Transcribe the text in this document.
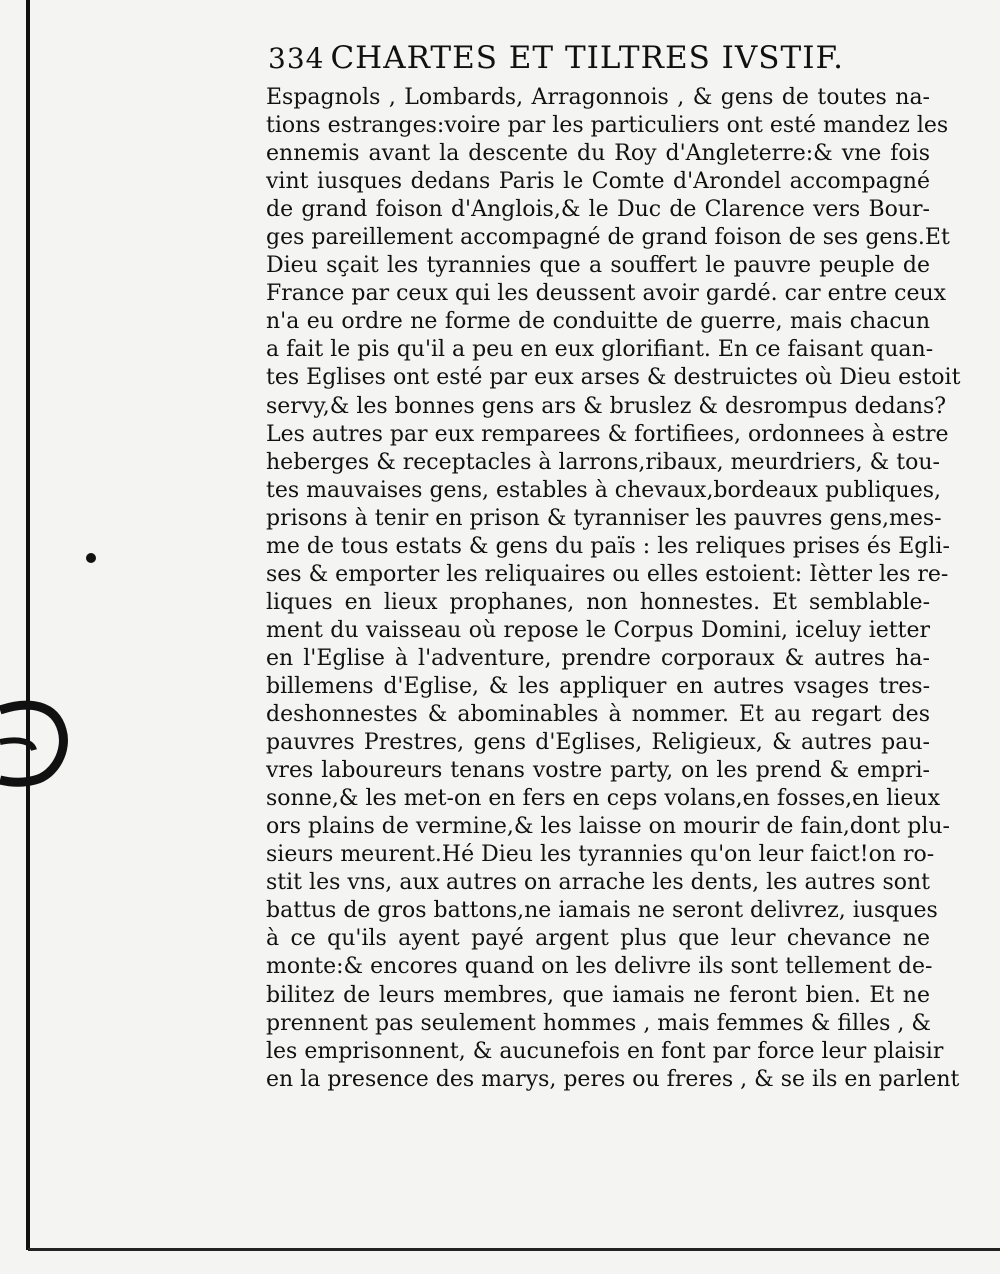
334 CHARTES ET TILTRES IVSTIF.
Espagnols , Lombards, Arragonnois , & gens de toutes na-
tions estranges:voire par les particuliers ont esté mandez les
ennemis avant la descente du Roy d'Angleterre:& vne fois
vint iusques dedans Paris le Comte d'Arondel accompagné
de grand foison d'Anglois,& le Duc de Clarence vers Bour-
ges pareillement accompagné de grand foison de ses gens.Et
Dieu sçait les tyrannies que a souffert le pauvre peuple de
France par ceux qui les deussent avoir gardé. car entre ceux
n'a eu ordre ne forme de conduitte de guerre, mais chacun
a fait le pis qu'il a peu en eux glorifiant. En ce faisant quan-
tes Eglises ont esté par eux arses & destruictes où Dieu estoit
servy,& les bonnes gens ars & bruslez & desrompus dedans?
Les autres par eux remparees & fortifiees, ordonnees à estre
heberges & receptacles à larrons,ribaux, meurdriers, & tou-
tes mauvaises gens, estables à chevaux,bordeaux publiques,
prisons à tenir en prison & tyranniser les pauvres gens,mes-
me de tous estats & gens du païs : les reliques prises és Egli-
ses & emporter les reliquaires ou elles estoient: Iètter les re-
liques en lieux prophanes, non honnestes. Et semblable-
ment du vaisseau où repose le Corpus Domini, iceluy ietter
en l'Eglise à l'adventure, prendre corporaux & autres ha-
billemens d'Eglise, & les appliquer en autres vsages tres-
deshonnestes & abominables à nommer. Et au regart des
pauvres Prestres, gens d'Eglises, Religieux, & autres pau-
vres laboureurs tenans vostre party, on les prend & empri-
sonne,& les met-on en fers en ceps volans,en fosses,en lieux
ors plains de vermine,& les laisse on mourir de fain,dont plu-
sieurs meurent.Hé Dieu les tyrannies qu'on leur faict!on ro-
stit les vns, aux autres on arrache les dents, les autres sont
battus de gros battons,ne iamais ne seront delivrez, iusques
à ce qu'ils ayent payé argent plus que leur chevance ne
monte:& encores quand on les delivre ils sont tellement de-
bilitez de leurs membres, que iamais ne feront bien. Et ne
prennent pas seulement hommes , mais femmes & filles , &
les emprisonnent, & aucunefois en font par force leur plaisir
en la presence des marys, peres ou freres , & se ils en parlent
